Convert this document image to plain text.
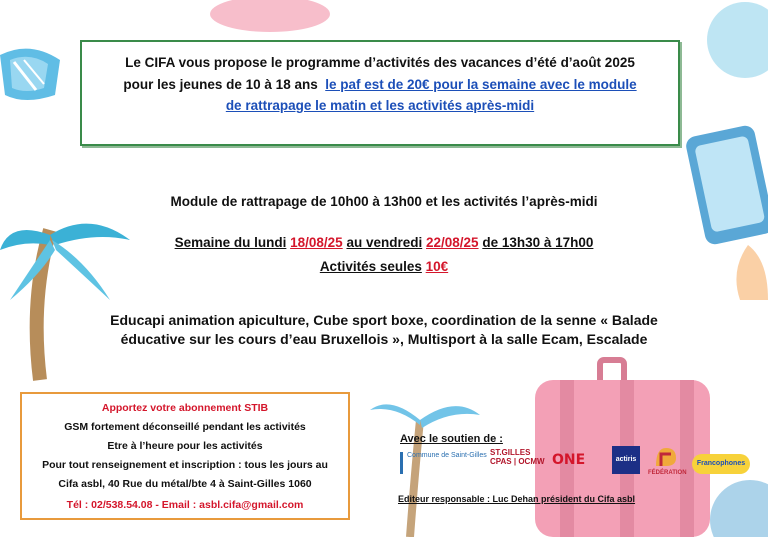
Le CIFA vous propose le programme d’activités des vacances d’été d’août 2025
pour les jeunes de 10 à 18 ans le paf est de 20€ pour la semaine avec le module
de rattrapage le matin et les activités après-midi
Module de rattrapage de 10h00 à 13h00 et les activités l’après-midi
Semaine du lundi 18/08/25 au vendredi 22/08/25 de 13h30 à 17h00
Activités seules 10€
Educapi animation apiculture, Cube sport boxe, coordination de la senne « Balade
éducative sur les cours d’eau Bruxellois », Multisport à la salle Ecam, Escalade
Apportez votre abonnement STIB
GSM fortement déconseillé pendant les activités
Etre à l’heure pour les activités
Pour tout renseignement et inscription : tous les jours au
Cifa asbl, 40 Rue du métal/bte 4 à Saint-Gilles 1060
Tél : 02/538.54.08 - Email : asbl.cifa@gmail.com
Avec le soutien de :
Commune de Saint-Gilles ST.GILLES CPAS | OCMW ONE	actiris
FÉDÉRATION
Francophones
Editeur responsable : Luc Dehan président du Cifa asbl
